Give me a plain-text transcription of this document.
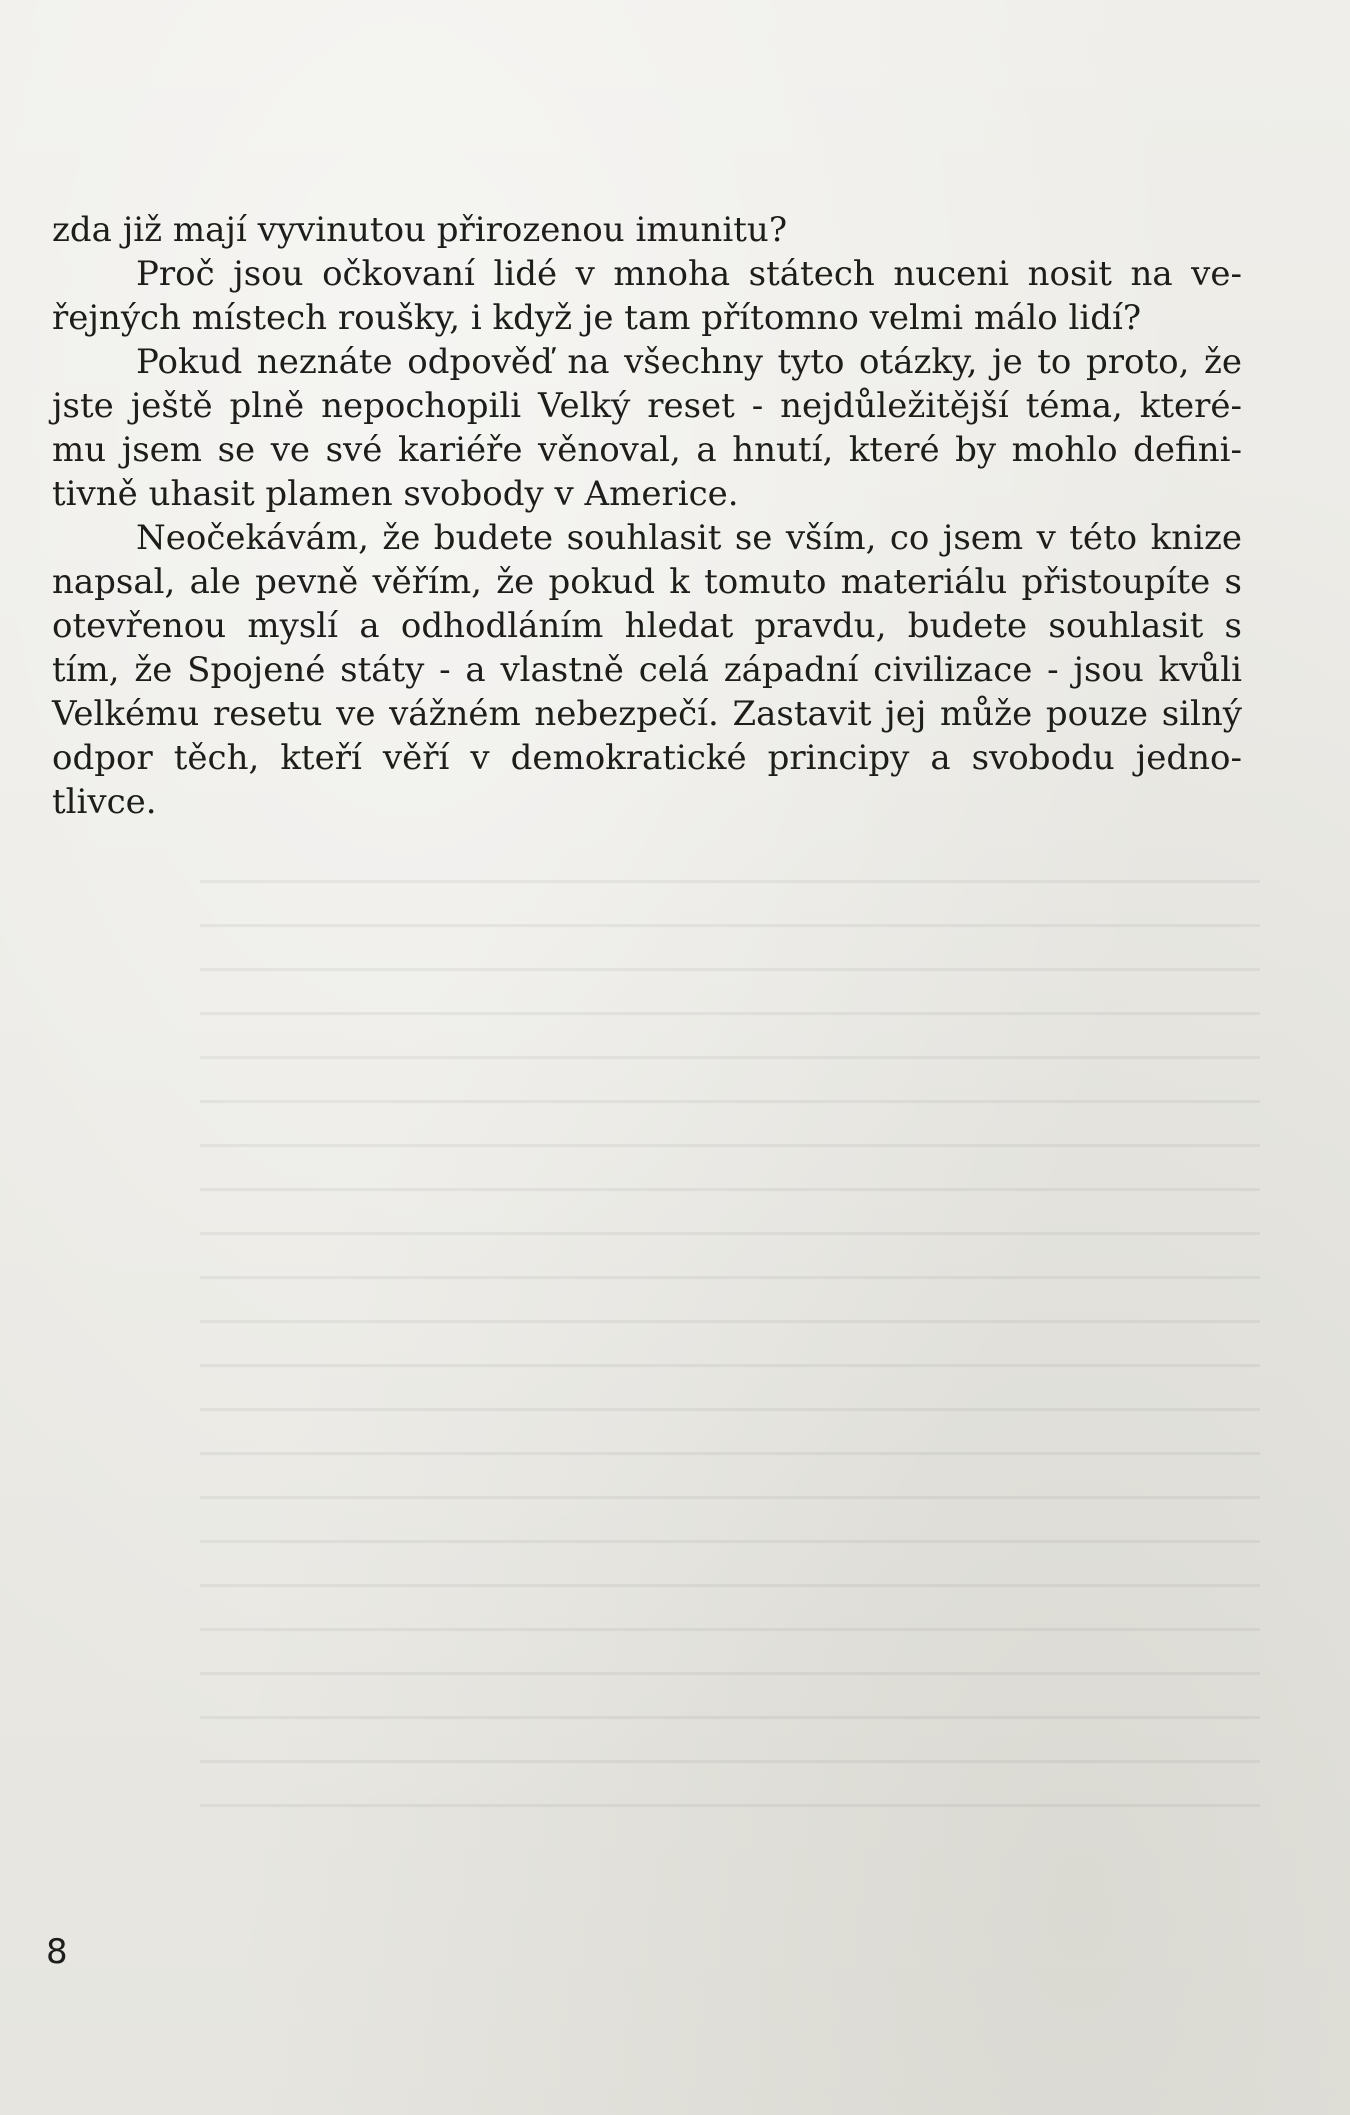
zda již mají vyvinutou přirozenou imunitu?

Proč jsou očkovaní lidé v mnoha státech nuceni nosit na ve-
řejných místech roušky, i když je tam přítomno velmi málo lidí?

Pokud neznáte odpověď na všechny tyto otázky, je to proto, že
jste ještě plně nepochopili Velký reset - nejdůležitější téma, které-
mu jsem se ve své kariéře věnoval, a hnutí, které by mohlo defini-
tivně uhasit plamen svobody v Americe.

Neočekávám, že budete souhlasit se vším, co jsem v této knize
napsal, ale pevně věřím, že pokud k tomuto materiálu přistoupíte s
otevřenou myslí a odhodláním hledat pravdu, budete souhlasit s
tím, že Spojené státy - a vlastně celá západní civilizace - jsou kvůli
Velkému resetu ve vážném nebezpečí. Zastavit jej může pouze silný
odpor těch, kteří věří v demokratické principy a svobodu jedno-
tlivce.

8
